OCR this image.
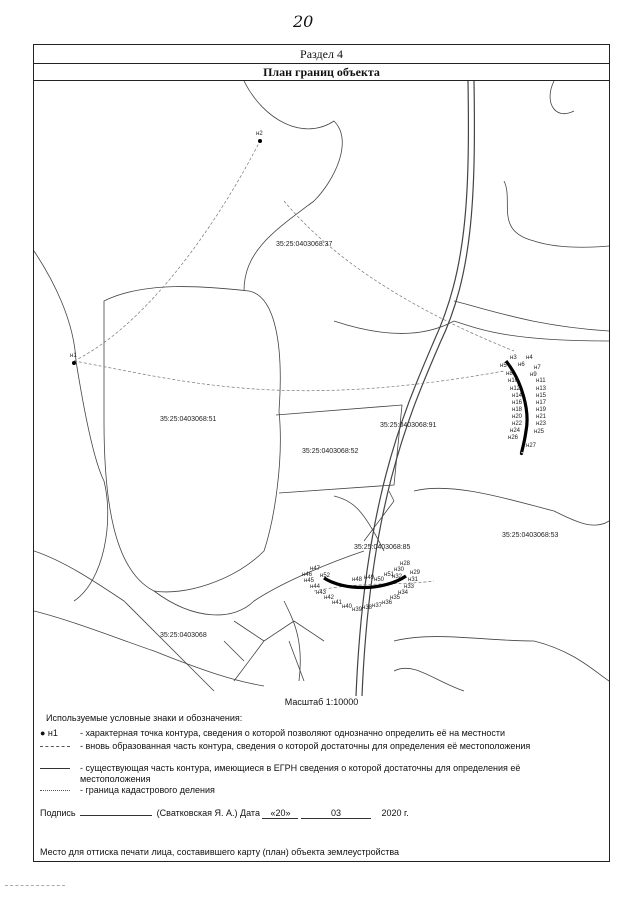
20
Раздел 4
План границ объекта
н2
н1	н3 н4
н5 н6 н7
н8	н9
н10	н11
н12	н13
н14 н15
н16 н17
н18 н19
н20 н21
н22 н23
н24 н25
н26
н27
н28
н29
н30
н31
н32
н33
н34
н35
н36
н37
н38
н39
н40
н41
н42
н43
н44
н45
н46
н47
н48 н49 н50
н51
н52
35:25:0403068:37
35:25:0403068:51
35:25:0403068:91
35:25:0403068:52
35:25:0403068:53
35:25:0403068:85
35:25:0403068
Масштаб 1:10000
Используемые условные знаки и обозначения:
● н1 - характерная точка контура, сведения о которой позволяют однозначно определить её на местности
- вновь образованная часть контура, сведения о которой достаточны для определения её местоположения
- существующая часть контура, имеющиеся в ЕГРН сведения о которой достаточны для определения её местоположения
- граница кадастрового деления
Подпись	(Сватковская Я. А.) Дата «20»	03	2020 г.
Место для оттиска печати лица, составившего карту (план) объекта землеустройства
